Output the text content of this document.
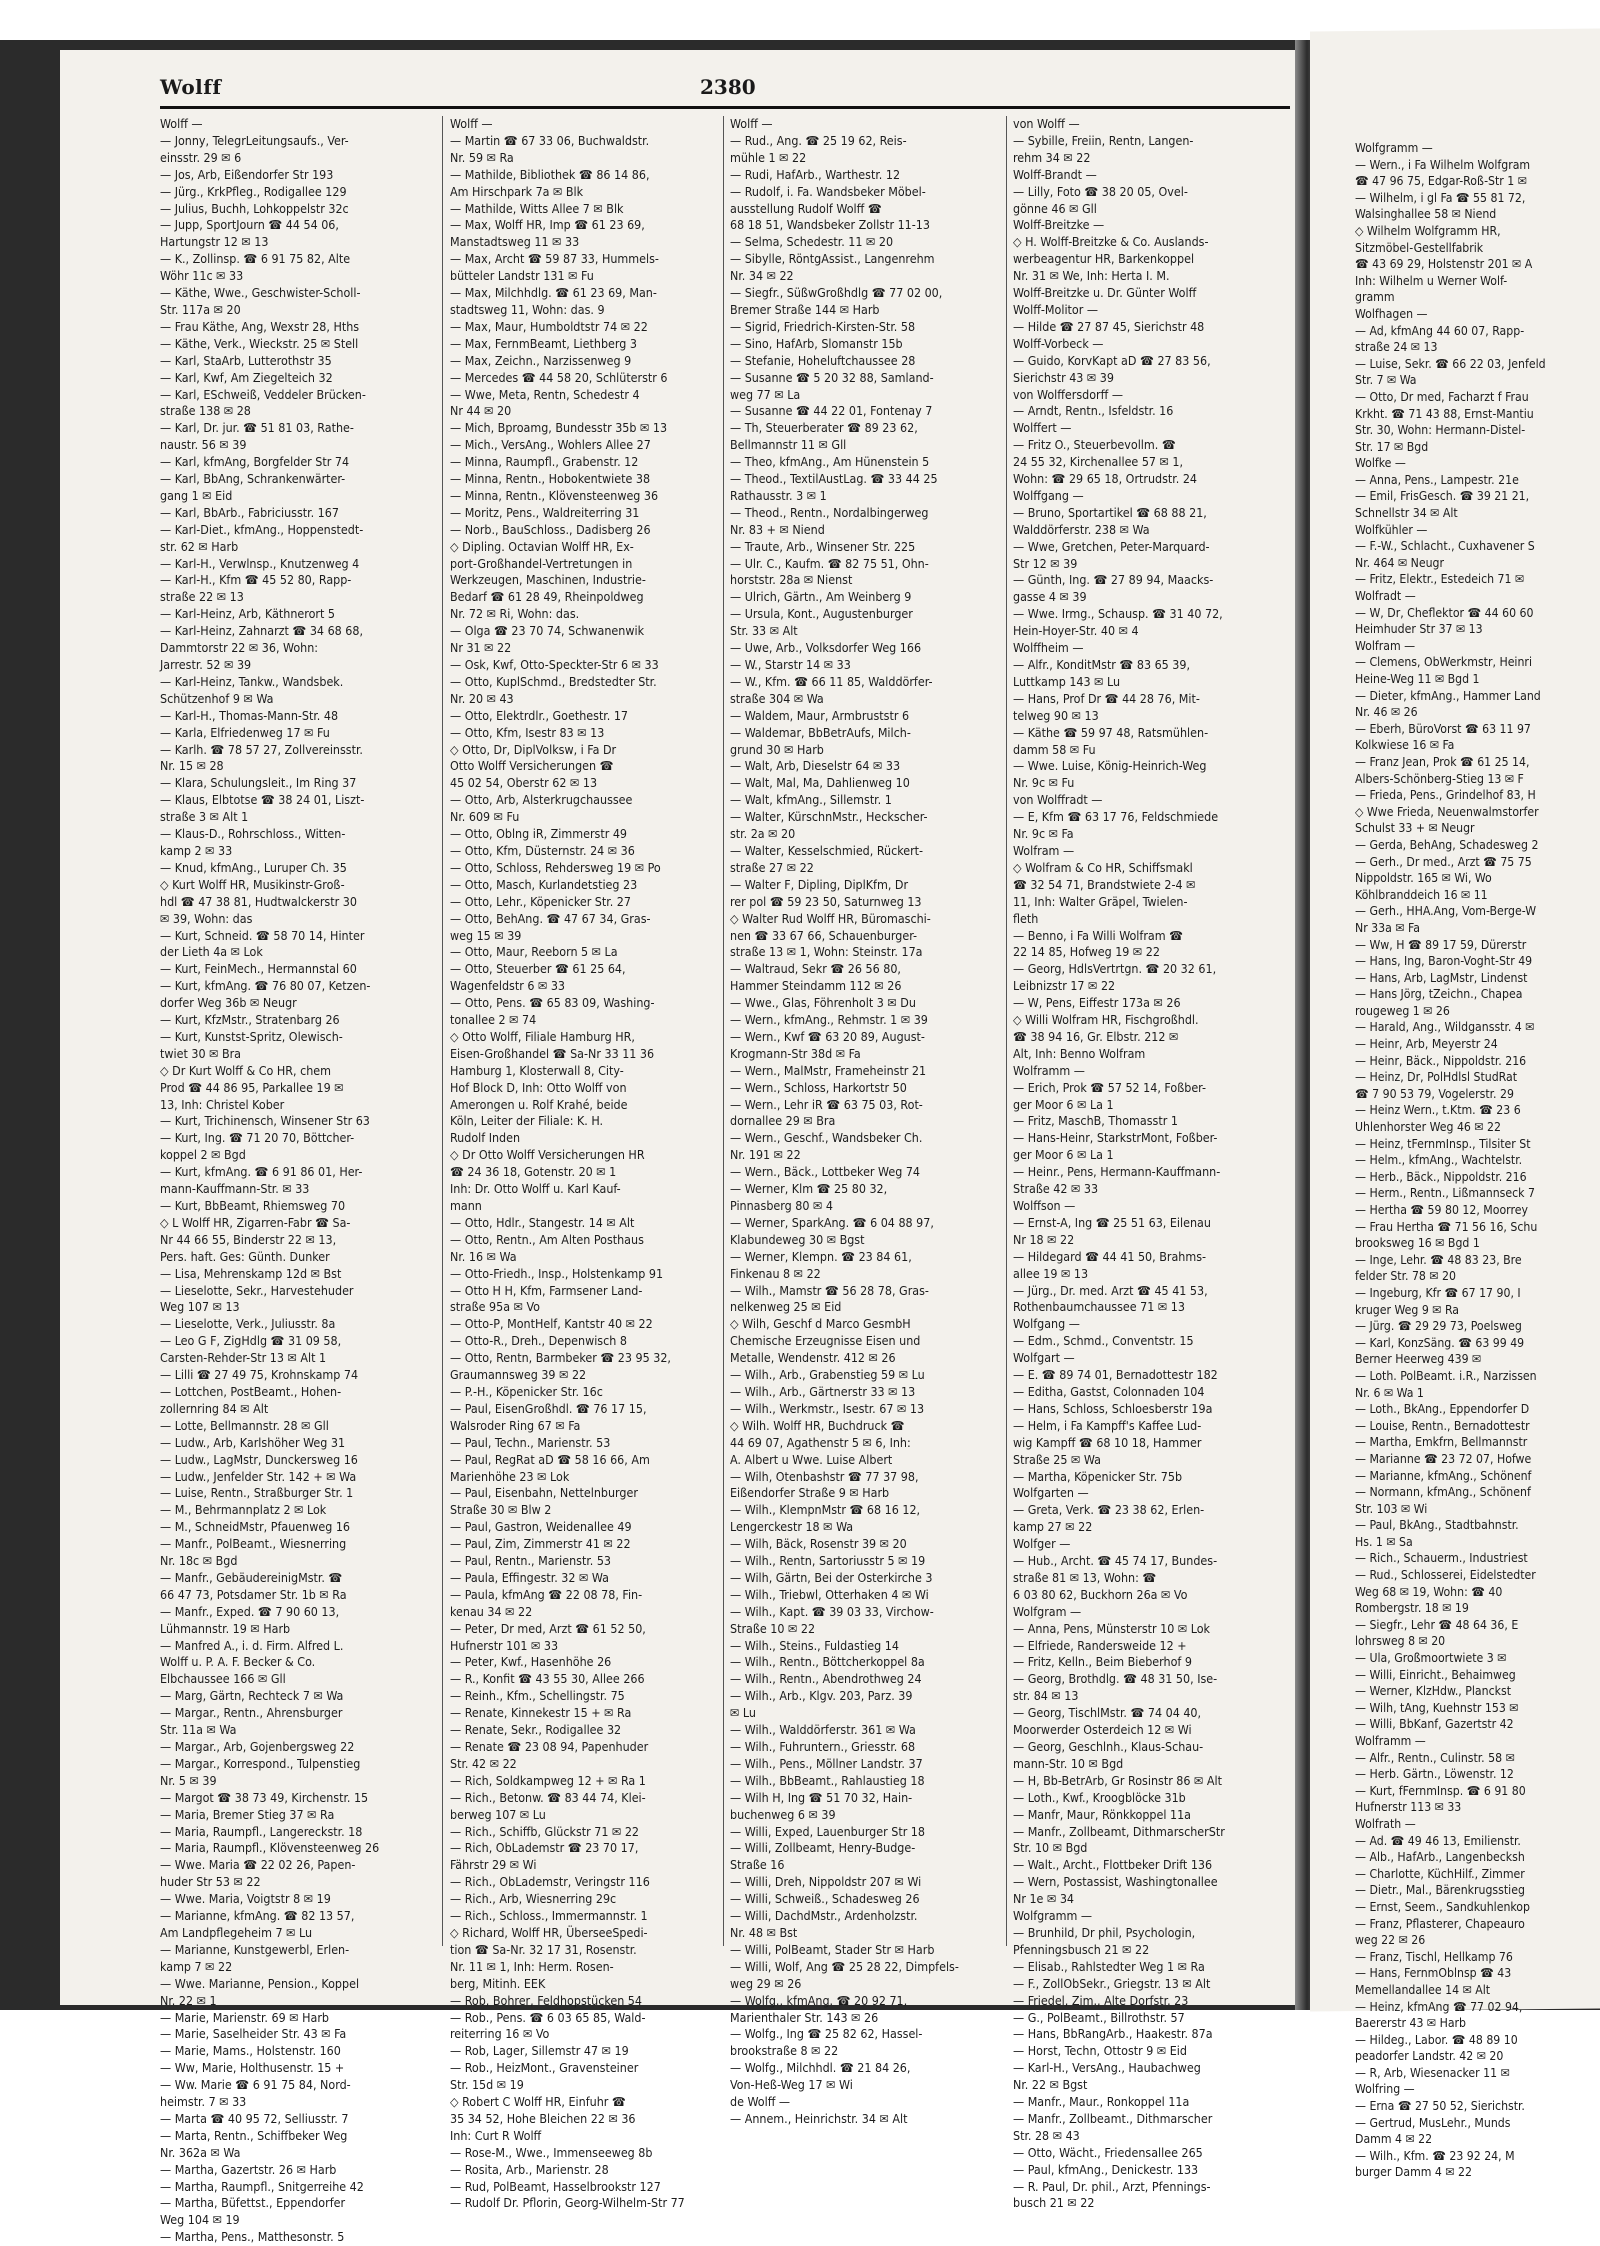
Wolff	2380
Wolff —
— Jonny, TelegrLeitungsaufs., Ver-
einsstr. 29 ✉ 6
— Jos, Arb, Eißendorfer Str 193
— Jürg., KrkPfleg., Rodigallee 129
— Julius, Buchh, Lohkoppelstr 32c
— Jupp, SportJourn ☎ 44 54 06,
Hartungstr 12 ✉ 13
— K., Zollinsp. ☎ 6 91 75 82, Alte
Wöhr 11c ✉ 33
— Käthe, Wwe., Geschwister-Scholl-
Str. 117a ✉ 20
— Frau Käthe, Ang, Wexstr 28, Hths
— Käthe, Verk., Wieckstr. 25 ✉ Stell
— Karl, StaArb, Lutterothstr 35
— Karl, Kwf, Am Ziegelteich 32
— Karl, ESchweiß, Veddeler Brücken-
straße 138 ✉ 28
— Karl, Dr. jur. ☎ 51 81 03, Rathe-
naustr. 56 ✉ 39
— Karl, kfmAng, Borgfelder Str 74
— Karl, BbAng, Schrankenwärter-
gang 1 ✉ Eid
— Karl, BbArb., Fabriciusstr. 167
— Karl-Diet., kfmAng., Hoppenstedt-
str. 62 ✉ Harb
— Karl-H., Verwlnsp., Knutzenweg 4
— Karl-H., Kfm ☎ 45 52 80, Rapp-
straße 22 ✉ 13
— Karl-Heinz, Arb, Käthnerort 5
— Karl-Heinz, Zahnarzt ☎ 34 68 68,
Dammtorstr 22 ✉ 36, Wohn:
Jarrestr. 52 ✉ 39
— Karl-Heinz, Tankw., Wandsbek.
Schützenhof 9 ✉ Wa
— Karl-H., Thomas-Mann-Str. 48
— Karla, Elfriedenweg 17 ✉ Fu
— Karlh. ☎ 78 57 27, Zollvereinsstr.
Nr. 15 ✉ 28
— Klara, Schulungsleit., Im Ring 37
— Klaus, Elbtotse ☎ 38 24 01, Liszt-
straße 3 ✉ Alt 1
— Klaus-D., Rohrschloss., Witten-
kamp 2 ✉ 33
— Knud, kfmAng., Luruper Ch. 35
◇ Kurt Wolff HR, Musikinstr-Groß-
hdl ☎ 47 38 81, Hudtwalckerstr 30
✉ 39, Wohn: das
— Kurt, Schneid. ☎ 58 70 14, Hinter
der Lieth 4a ✉ Lok
— Kurt, FeinMech., Hermannstal 60
— Kurt, kfmAng. ☎ 76 80 07, Ketzen-
dorfer Weg 36b ✉ Neugr
— Kurt, KfzMstr., Stratenbarg 26
— Kurt, Kunstst-Spritz, Olewisch-
twiet 30 ✉ Bra
◇ Dr Kurt Wolff & Co HR, chem
Prod ☎ 44 86 95, Parkallee 19 ✉
13, Inh: Christel Kober
— Kurt, Trichinensch, Winsener Str 63
— Kurt, Ing. ☎ 71 20 70, Böttcher-
koppel 2 ✉ Bgd
— Kurt, kfmAng. ☎ 6 91 86 01, Her-
mann-Kauffmann-Str. ✉ 33
— Kurt, BbBeamt, Rhiemsweg 70
◇ L Wolff HR, Zigarren-Fabr ☎ Sa-
Nr 44 66 55, Binderstr 22 ✉ 13,
Pers. haft. Ges: Günth. Dunker
— Lisa, Mehrenskamp 12d ✉ Bst
— Lieselotte, Sekr., Harvestehuder
Weg 107 ✉ 13
— Lieselotte, Verk., Juliusstr. 8a
— Leo G F, ZigHdlg ☎ 31 09 58,
Carsten-Rehder-Str 13 ✉ Alt 1
— Lilli ☎ 27 49 75, Krohnskamp 74
— Lottchen, PostBeamt., Hohen-
zollernring 84 ✉ Alt
— Lotte, Bellmannstr. 28 ✉ Gll
— Ludw., Arb, Karlshöher Weg 31
— Ludw., LagMstr, Dunckersweg 16
— Ludw., Jenfelder Str. 142 + ✉ Wa
— Luise, Rentn., Straßburger Str. 1
— M., Behrmannplatz 2 ✉ Lok
— M., SchneidMstr, Pfauenweg 16
— Manfr., PolBeamt., Wiesnerring
Nr. 18c ✉ Bgd
— Manfr., GebäudereinigMstr. ☎
66 47 73, Potsdamer Str. 1b ✉ Ra
— Manfr., Exped. ☎ 7 90 60 13,
Lühmannstr. 19 ✉ Harb
— Manfred A., i. d. Firm. Alfred L.
Wolff u. P. A. F. Becker & Co.
Elbchaussee 166 ✉ Gll
— Marg, Gärtn, Rechteck 7 ✉ Wa
— Margar., Rentn., Ahrensburger
Str. 11a ✉ Wa
— Margar., Arb, Gojenbergsweg 22
— Margar., Korrespond., Tulpenstieg
Nr. 5 ✉ 39
— Margot ☎ 38 73 49, Kirchenstr. 15
— Maria, Bremer Stieg 37 ✉ Ra
— Maria, Raumpfl., Langereckstr. 18
— Maria, Raumpfl., Klövensteenweg 26
— Wwe. Maria ☎ 22 02 26, Papen-
huder Str 53 ✉ 22
— Wwe. Maria, Voigtstr 8 ✉ 19
— Marianne, kfmAng. ☎ 82 13 57,
Am Landpflegeheim 7 ✉ Lu
— Marianne, Kunstgewerbl, Erlen-
kamp 7 ✉ 22
— Wwe. Marianne, Pension., Koppel
Nr. 22 ✉ 1
— Marie, Marienstr. 69 ✉ Harb
— Marie, Saselheider Str. 43 ✉ Fa
— Marie, Mams., Holstenstr. 160
— Ww, Marie, Holthusenstr. 15 +
— Ww. Marie ☎ 6 91 75 84, Nord-
heimstr. 7 ✉ 33
— Marta ☎ 40 95 72, Selliusstr. 7
— Marta, Rentn., Schiffbeker Weg
Nr. 362a ✉ Wa
— Martha, Gazertstr. 26 ✉ Harb
— Martha, Raumpfl., Snitgerreihe 42
— Martha, Büfettst., Eppendorfer
Weg 104 ✉ 19
— Martha, Pens., Matthesonstr. 5
Wolff —
— Martin ☎ 67 33 06, Buchwaldstr.
Nr. 59 ✉ Ra
— Mathilde, Bibliothek ☎ 86 14 86,
Am Hirschpark 7a ✉ Blk
— Mathilde, Witts Allee 7 ✉ Blk
— Max, Wolff HR, Imp ☎ 61 23 69,
Manstadtsweg 11 ✉ 33
— Max, Archt ☎ 59 87 33, Hummels-
bütteler Landstr 131 ✉ Fu
— Max, Milchhdlg. ☎ 61 23 69, Man-
stadtsweg 11, Wohn: das. 9
— Max, Maur, Humboldtstr 74 ✉ 22
— Max, FernmBeamt, Liethberg 3
— Max, Zeichn., Narzissenweg 9
— Mercedes ☎ 44 58 20, Schlüterstr 6
— Wwe, Meta, Rentn, Schedestr 4
Nr 44 ✉ 20
— Mich, Bproamg, Bundesstr 35b ✉ 13
— Mich., VersAng., Wohlers Allee 27
— Minna, Raumpfl., Grabenstr. 12
— Minna, Rentn., Hobokentwiete 38
— Minna, Rentn., Klövensteenweg 36
— Moritz, Pens., Waldreiterring 31
— Norb., BauSchloss., Dadisberg 26
◇ Dipling. Octavian Wolff HR, Ex-
port-Großhandel-Vertretungen in
Werkzeugen, Maschinen, Industrie-
Bedarf ☎ 61 28 49, Rheinpoldweg
Nr. 72 ✉ Ri, Wohn: das.
— Olga ☎ 23 70 74, Schwanenwik
Nr 31 ✉ 22
— Osk, Kwf, Otto-Speckter-Str 6 ✉ 33
— Otto, KuplSchmd., Bredstedter Str.
Nr. 20 ✉ 43
— Otto, Elektrdlr., Goethestr. 17
— Otto, Kfm, Isestr 83 ✉ 13
◇ Otto, Dr, DiplVolksw, i Fa Dr
Otto Wolff Versicherungen ☎
45 02 54, Oberstr 62 ✉ 13
— Otto, Arb, Alsterkrugchaussee
Nr. 609 ✉ Fu
— Otto, Oblng iR, Zimmerstr 49
— Otto, Kfm, Düsternstr. 24 ✉ 36
— Otto, Schloss, Rehdersweg 19 ✉ Po
— Otto, Masch, Kurlandetstieg 23
— Otto, Lehr., Köpenicker Str. 27
— Otto, BehAng. ☎ 47 67 34, Gras-
weg 15 ✉ 39
— Otto, Maur, Reeborn 5 ✉ La
— Otto, Steuerber ☎ 61 25 64,
Wagenfeldstr 6 ✉ 33
— Otto, Pens. ☎ 65 83 09, Washing-
tonallee 2 ✉ 74
◇ Otto Wolff, Filiale Hamburg HR,
Eisen-Großhandel ☎ Sa-Nr 33 11 36
Hamburg 1, Klosterwall 8, City-
Hof Block D, Inh: Otto Wolff von
Amerongen u. Rolf Krahé, beide
Köln, Leiter der Filiale: K. H.
Rudolf Inden
◇ Dr Otto Wolff Versicherungen HR
☎ 24 36 18, Gotenstr. 20 ✉ 1
Inh: Dr. Otto Wolff u. Karl Kauf-
mann
— Otto, Hdlr., Stangestr. 14 ✉ Alt
— Otto, Rentn., Am Alten Posthaus
Nr. 16 ✉ Wa
— Otto-Friedh., Insp., Holstenkamp 91
— Otto H H, Kfm, Farmsener Land-
straße 95a ✉ Vo
— Otto-P, MontHelf, Kantstr 40 ✉ 22
— Otto-R., Dreh., Depenwisch 8
— Otto, Rentn, Barmbeker ☎ 23 95 32,
Graumannsweg 39 ✉ 22
— P.-H., Köpenicker Str. 16c
— Paul, EisenGroßhdl. ☎ 76 17 15,
Walsroder Ring 67 ✉ Fa
— Paul, Techn., Marienstr. 53
— Paul, RegRat aD ☎ 58 16 66, Am
Marienhöhe 23 ✉ Lok
— Paul, Eisenbahn, Nettelnburger
Straße 30 ✉ Blw 2
— Paul, Gastron, Weidenallee 49
— Paul, Zim, Zimmerstr 41 ✉ 22
— Paul, Rentn., Marienstr. 53
— Paula, Effingestr. 32 ✉ Wa
— Paula, kfmAng ☎ 22 08 78, Fin-
kenau 34 ✉ 22
— Peter, Dr med, Arzt ☎ 61 52 50,
Hufnerstr 101 ✉ 33
— Peter, Kwf., Hasenhöhe 26
— R., Konfit ☎ 43 55 30, Allee 266
— Reinh., Kfm., Schellingstr. 75
— Renate, Kinnekestr 15 + ✉ Ra
— Renate, Sekr., Rodigallee 32
— Renate ☎ 23 08 94, Papenhuder
Str. 42 ✉ 22
— Rich, Soldkampweg 12 + ✉ Ra 1
— Rich., Betonw. ☎ 83 44 74, Klei-
berweg 107 ✉ Lu
— Rich., Schiffb, Glückstr 71 ✉ 22
— Rich, ObLademstr ☎ 23 70 17,
Fährstr 29 ✉ Wi
— Rich., ObLademstr, Veringstr 116
— Rich., Arb, Wiesnerring 29c
— Rich., Schloss., Immermannstr. 1
◇ Richard, Wolff HR, ÜberseeSpedi-
tion ☎ Sa-Nr. 32 17 31, Rosenstr.
Nr. 11 ✉ 1, Inh: Herm. Rosen-
berg, Mitinh. EEK
— Rob, Bohrer, Feldhopstücken 54
— Rob., Pens. ☎ 6 03 65 85, Wald-
reiterring 16 ✉ Vo
— Rob, Lager, Sillemstr 47 ✉ 19
— Rob., HeizMont., Gravensteiner
Str. 15d ✉ 19
◇ Robert C Wolff HR, Einfuhr ☎
35 34 52, Hohe Bleichen 22 ✉ 36
Inh: Curt R Wolff
— Rose-M., Wwe., Immenseeweg 8b
— Rosita, Arb., Marienstr. 28
— Rud, PolBeamt, Hasselbrookstr 127
— Rudolf Dr. Pflorin, Georg-Wilhelm-Str 77
Wolff —
— Rud., Ang. ☎ 25 19 62, Reis-
mühle 1 ✉ 22
— Rudi, HafArb., Warthestr. 12
— Rudolf, i. Fa. Wandsbeker Möbel-
ausstellung Rudolf Wolff ☎
68 18 51, Wandsbeker Zollstr 11-13
— Selma, Schedestr. 11 ✉ 20
— Sibylle, RöntgAssist., Langenrehm
Nr. 34 ✉ 22
— Siegfr., SüßwGroßhdlg ☎ 77 02 00,
Bremer Straße 144 ✉ Harb
— Sigrid, Friedrich-Kirsten-Str. 58
— Sino, HafArb, Slomanstr 15b
— Stefanie, Hoheluftchaussee 28
— Susanne ☎ 5 20 32 88, Samland-
weg 77 ✉ La
— Susanne ☎ 44 22 01, Fontenay 7
— Th, Steuerberater ☎ 89 23 62,
Bellmannstr 11 ✉ Gll
— Theo, kfmAng., Am Hünenstein 5
— Theod., TextilAustLag. ☎ 33 44 25
Rathausstr. 3 ✉ 1
— Theod., Rentn., Nordalbingerweg
Nr. 83 + ✉ Niend
— Traute, Arb., Winsener Str. 225
— Ulr. C., Kaufm. ☎ 82 75 51, Ohn-
horststr. 28a ✉ Nienst
— Ulrich, Gärtn., Am Weinberg 9
— Ursula, Kont., Augustenburger
Str. 33 ✉ Alt
— Uwe, Arb., Volksdorfer Weg 166
— W., Starstr 14 ✉ 33
— W., Kfm. ☎ 66 11 85, Walddörfer-
straße 304 ✉ Wa
— Waldem, Maur, Armbruststr 6
— Waldemar, BbBetrAufs, Milch-
grund 30 ✉ Harb
— Walt, Arb, Dieselstr 64 ✉ 33
— Walt, Mal, Ma, Dahlienweg 10
— Walt, kfmAng., Sillemstr. 1
— Walter, KürschnMstr., Heckscher-
str. 2a ✉ 20
— Walter, Kesselschmied, Rückert-
straße 27 ✉ 22
— Walter F, Dipling, DiplKfm, Dr
rer pol ☎ 59 23 50, Saturnweg 13
◇ Walter Rud Wolff HR, Büromaschi-
nen ☎ 33 67 66, Schauenburger-
straße 13 ✉ 1, Wohn: Steinstr. 17a
— Waltraud, Sekr ☎ 26 56 80,
Hammer Steindamm 112 ✉ 26
— Wwe., Glas, Föhrenholt 3 ✉ Du
— Wern., kfmAng., Rehmstr. 1 ✉ 39
— Wern., Kwf ☎ 63 20 89, August-
Krogmann-Str 38d ✉ Fa
— Wern., MalMstr, Frameheinstr 21
— Wern., Schloss, Harkortstr 50
— Wern., Lehr iR ☎ 63 75 03, Rot-
dornallee 29 ✉ Bra
— Wern., Geschf., Wandsbeker Ch.
Nr. 191 ✉ 22
— Wern., Bäck., Lottbeker Weg 74
— Werner, Klm ☎ 25 80 32,
Pinnasberg 80 ✉ 4
— Werner, SparkAng. ☎ 6 04 88 97,
Klabundeweg 30 ✉ Bgst
— Werner, Klempn. ☎ 23 84 61,
Finkenau 8 ✉ 22
— Wilh., Mamstr ☎ 56 28 78, Gras-
nelkenweg 25 ✉ Eid
◇ Wilh, Geschf d Marco GesmbH
Chemische Erzeugnisse Eisen und
Metalle, Wendenstr. 412 ✉ 26
— Wilh., Arb., Grabenstieg 59 ✉ Lu
— Wilh., Arb., Gärtnerstr 33 ✉ 13
— Wilh., Werkmstr., Isestr. 67 ✉ 13
◇ Wilh. Wolff HR, Buchdruck ☎
44 69 07, Agathenstr 5 ✉ 6, Inh:
A. Albert u Wwe. Luise Albert
— Wilh, Otenbashstr ☎ 77 37 98,
Eißendorfer Straße 9 ✉ Harb
— Wilh., KlempnMstr ☎ 68 16 12,
Lengerckestr 18 ✉ Wa
— Wilh, Bäck, Rosenstr 39 ✉ 20
— Wilh., Rentn, Sartoriusstr 5 ✉ 19
— Wilh, Gärtn, Bei der Osterkirche 3
— Wilh., Triebwl, Otterhaken 4 ✉ Wi
— Wilh., Kapt. ☎ 39 03 33, Virchow-
Straße 10 ✉ 22
— Wilh., Steins., Fuldastieg 14
— Wilh., Rentn., Böttcherkoppel 8a
— Wilh., Rentn., Abendrothweg 24
— Wilh., Arb., Klgv. 203, Parz. 39
✉ Lu
— Wilh., Walddörferstr. 361 ✉ Wa
— Wilh., Fuhruntern., Griesstr. 68
— Wilh., Pens., Möllner Landstr. 37
— Wilh., BbBeamt., Rahlaustieg 18
— Wilh H, Ing ☎ 51 70 32, Hain-
buchenweg 6 ✉ 39
— Willi, Exped, Lauenburger Str 18
— Willi, Zollbeamt, Henry-Budge-
Straße 16
— Willi, Dreh, Nippoldstr 207 ✉ Wi
— Willi, Schweiß., Schadesweg 26
— Willi, DachdMstr., Ardenholzstr.
Nr. 48 ✉ Bst
— Willi, PolBeamt, Stader Str ✉ Harb
— Willi, Wolf, Ang ☎ 25 28 22, Dimpfels-
weg 29 ✉ 26
— Wolfg., kfmAng. ☎ 20 92 71,
Marienthaler Str. 143 ✉ 26
— Wolfg., Ing ☎ 25 82 62, Hassel-
brookstraße 8 ✉ 22
— Wolfg., Milchhdl. ☎ 21 84 26,
Von-Heß-Weg 17 ✉ Wi
de Wolff —
— Annem., Heinrichstr. 34 ✉ Alt
von Wolff —
— Sybille, Freiin, Rentn, Langen-
rehm 34 ✉ 22
Wolff-Brandt —
— Lilly, Foto ☎ 38 20 05, Ovel-
gönne 46 ✉ Gll
Wolff-Breitzke —
◇ H. Wolff-Breitzke & Co. Auslands-
werbeagentur HR, Barkenkoppel
Nr. 31 ✉ We, Inh: Herta I. M.
Wolff-Breitzke u. Dr. Günter Wolff
Wolff-Molitor —
— Hilde ☎ 27 87 45, Sierichstr 48
Wolff-Vorbeck —
— Guido, KorvKapt aD ☎ 27 83 56,
Sierichstr 43 ✉ 39
von Wolffersdorff —
— Arndt, Rentn., Isfeldstr. 16
Wolffert —
— Fritz O., Steuerbevollm. ☎
24 55 32, Kirchenallee 57 ✉ 1,
Wohn: ☎ 29 65 18, Ortrudstr. 24
Wolffgang —
— Bruno, Sportartikel ☎ 68 88 21,
Walddörferstr. 238 ✉ Wa
— Wwe, Gretchen, Peter-Marquard-
Str 12 ✉ 39
— Günth, Ing. ☎ 27 89 94, Maacks-
gasse 4 ✉ 39
— Wwe. Irmg., Schausp. ☎ 31 40 72,
Hein-Hoyer-Str. 40 ✉ 4
Wolffheim —
— Alfr., KonditMstr ☎ 83 65 39,
Luttkamp 143 ✉ Lu
— Hans, Prof Dr ☎ 44 28 76, Mit-
telweg 90 ✉ 13
— Käthe ☎ 59 97 48, Ratsmühlen-
damm 58 ✉ Fu
— Wwe. Luise, König-Heinrich-Weg
Nr. 9c ✉ Fu
von Wolffradt —
— E, Kfm ☎ 63 17 76, Feldschmiede
Nr. 9c ✉ Fa
Wolfram —
◇ Wolfram & Co HR, Schiffsmakl
☎ 32 54 71, Brandstwiete 2-4 ✉
11, Inh: Walter Gräpel, Twielen-
fleth
— Benno, i Fa Willi Wolfram ☎
22 14 85, Hofweg 19 ✉ 22
— Georg, HdlsVertrtgn. ☎ 20 32 61,
Leibnizstr 17 ✉ 22
— W, Pens, Eiffestr 173a ✉ 26
◇ Willi Wolfram HR, Fischgroßhdl.
☎ 38 94 16, Gr. Elbstr. 212 ✉
Alt, Inh: Benno Wolfram
Wolframm —
— Erich, Prok ☎ 57 52 14, Foßber-
ger Moor 6 ✉ La 1
— Fritz, MaschB, Thomasstr 1
— Hans-Heinr, StarkstrMont, Foßber-
ger Moor 6 ✉ La 1
— Heinr., Pens, Hermann-Kauffmann-
Straße 42 ✉ 33
Wolffson —
— Ernst-A, Ing ☎ 25 51 63, Eilenau
Nr 18 ✉ 22
— Hildegard ☎ 44 41 50, Brahms-
allee 19 ✉ 13
— Jürg., Dr. med. Arzt ☎ 45 41 53,
Rothenbaumchaussee 71 ✉ 13
Wolfgang —
— Edm., Schmd., Conventstr. 15
Wolfgart —
— E. ☎ 89 74 01, Bernadottestr 182
— Editha, Gastst, Colonnaden 104
— Hans, Schloss, Schloesberstr 19a
— Helm, i Fa Kampff's Kaffee Lud-
wig Kampff ☎ 68 10 18, Hammer
Straße 25 ✉ Wa
— Martha, Köpenicker Str. 75b
Wolfgarten —
— Greta, Verk. ☎ 23 38 62, Erlen-
kamp 27 ✉ 22
Wolfger —
— Hub., Archt. ☎ 45 74 17, Bundes-
straße 81 ✉ 13, Wohn: ☎
6 03 80 62, Buckhorn 26a ✉ Vo
Wolfgram —
— Anna, Pens, Münsterstr 10 ✉ Lok
— Elfriede, Randersweide 12 +
— Fritz, Kelln., Beim Bieberhof 9
— Georg, Brothdlg. ☎ 48 31 50, Ise-
str. 84 ✉ 13
— Georg, TischlMstr. ☎ 74 04 40,
Moorwerder Osterdeich 12 ✉ Wi
— Georg, Geschlnh., Klaus-Schau-
mann-Str. 10 ✉ Bgd
— H, Bb-BetrArb, Gr Rosinstr 86 ✉ Alt
— Loth., Kwf., Kroogblöcke 31b
— Manfr, Maur, Rönkkoppel 11a
— Manfr., Zollbeamt, DithmarscherStr
Str. 10 ✉ Bgd
— Walt., Archt., Flottbeker Drift 136
— Wern, Postassist, Washingtonallee
Nr 1e ✉ 34
Wolfgramm —
— Brunhild, Dr phil, Psychologin,
Pfenningsbusch 21 ✉ 22
— Elisab., Rahlstedter Weg 1 ✉ Ra
— F., ZollObSekr., Griegstr. 13 ✉ Alt
— Friedel, Zim., Alte Dorfstr. 23
— G., PolBeamt., Billrothstr. 57
— Hans, BbRangArb., Haakestr. 87a
— Horst, Techn, Ottostr 9 ✉ Eid
— Karl-H., VersAng., Haubachweg
Nr. 22 ✉ Bgst
— Manfr., Maur., Ronkoppel 11a
— Manfr., Zollbeamt., Dithmarscher
Str. 28 ✉ 43
— Otto, Wächt., Friedensallee 265
— Paul, kfmAng., Denickestr. 133
— R. Paul, Dr. phil., Arzt, Pfennings-
busch 21 ✉ 22
Wolfgramm —
— Wern., i Fa Wilhelm Wolfgram
☎ 47 96 75, Edgar-Roß-Str 1 ✉
— Wilhelm, i gl Fa ☎ 55 81 72,
Walsinghallee 58 ✉ Niend
◇ Wilhelm Wolfgramm HR,
Sitzmöbel-Gestellfabrik
☎ 43 69 29, Holstenstr 201 ✉ A
Inh: Wilhelm u Werner Wolf-
gramm
Wolfhagen —
— Ad, kfmAng 44 60 07, Rapp-
straße 24 ✉ 13
— Luise, Sekr. ☎ 66 22 03, Jenfeld
Str. 7 ✉ Wa
— Otto, Dr med, Facharzt f Frau
Krkht. ☎ 71 43 88, Ernst-Mantiu
Str. 30, Wohn: Hermann-Distel-
Str. 17 ✉ Bgd
Wolfke —
— Anna, Pens., Lampestr. 21e
— Emil, FrisGesch. ☎ 39 21 21,
Schnellstr 34 ✉ Alt
Wolfkühler —
— F.-W., Schlacht., Cuxhavener S
Nr. 464 ✉ Neugr
— Fritz, Elektr., Estedeich 71 ✉
Wolfradt —
— W, Dr, Cheflektor ☎ 44 60 60
Heimhuder Str 37 ✉ 13
Wolfram —
— Clemens, ObWerkmstr, Heinri
Heine-Weg 11 ✉ Bgd 1
— Dieter, kfmAng., Hammer Land
Nr. 46 ✉ 26
— Eberh, BüroVorst ☎ 63 11 97
Kolkwiese 16 ✉ Fa
— Franz Jean, Prok ☎ 61 25 14,
Albers-Schönberg-Stieg 13 ✉ F
— Frieda, Pens., Grindelhof 83, H
◇ Wwe Frieda, Neuenwalmstorfer
Schulst 33 + ✉ Neugr
— Gerda, BehAng, Schadesweg 2
— Gerh., Dr med., Arzt ☎ 75 75
Nippoldstr. 165 ✉ Wi, Wo
Köhlbranddeich 16 ✉ 11
— Gerh., HHA.Ang, Vom-Berge-W
Nr 33a ✉ Fa
— Ww, H ☎ 89 17 59, Dürerstr
— Hans, Ing, Baron-Voght-Str 49
— Hans, Arb, LagMstr, Lindenst
— Hans Jörg, tZeichn., Chapea
rougeweg 1 ✉ 26
— Harald, Ang., Wildgansstr. 4 ✉
— Heinr, Arb, Meyerstr 24
— Heinr, Bäck., Nippoldstr. 216
— Heinz, Dr, PolHdlsl StudRat
☎ 7 90 53 79, Vogelerstr. 29
— Heinz Wern., t.Ktm. ☎ 23 6
Uhlenhorster Weg 46 ✉ 22
— Heinz, tFernmInsp., Tilsiter St
— Helm., kfmAng., Wachtelstr.
— Herb., Bäck., Nippoldstr. 216
— Herm., Rentn., Lißmannseck 7
— Hertha ☎ 59 80 12, Moorrey
— Frau Hertha ☎ 71 56 16, Schu
brooksweg 16 ✉ Bgd 1
— Inge, Lehr. ☎ 48 83 23, Bre
felder Str. 78 ✉ 20
— Ingeburg, Kfr ☎ 67 17 90, I
kruger Weg 9 ✉ Ra
— Jürg. ☎ 29 29 73, Poelsweg
— Karl, KonzSäng. ☎ 63 99 49
Berner Heerweg 439 ✉
— Loth. PolBeamt. i.R., Narzissen
Nr. 6 ✉ Wa 1
— Loth., BkAng., Eppendorfer D
— Louise, Rentn., Bernadottestr
— Martha, Emkfrn, Bellmannstr
— Marianne ☎ 23 72 07, Hofwe
— Marianne, kfmAng., Schönenf
— Normann, kfmAng., Schönenf
Str. 103 ✉ Wi
— Paul, BkAng., Stadtbahnstr.
Hs. 1 ✉ Sa
— Rich., Schauerm., Industriest
— Rud., Schlosserei, Eidelstedter
Weg 68 ✉ 19, Wohn: ☎ 40
Rombergstr. 18 ✉ 19
— Siegfr., Lehr ☎ 48 64 36, E
lohrsweg 8 ✉ 20
— Ula, Großmoortwiete 3 ✉
— Willi, Einricht., Behaimweg
— Werner, KlzHdw., Planckst
— Wilh, tAng, Kuehnstr 153 ✉
— Willi, BbKanf, Gazertstr 42
Wolframm —
— Alfr., Rentn., Culinstr. 58 ✉
— Herb. Gärtn., Löwenstr. 12
— Kurt, fFernmInsp. ☎ 6 91 80
Hufnerstr 113 ✉ 33
Wolfrath —
— Ad. ☎ 49 46 13, Emilienstr.
— Alb., HafArb., Langenbecksh
— Charlotte, KüchHilf., Zimmer
— Dietr., Mal., Bärenkrugsstieg
— Ernst, Seem., Sandkuhlenkop
— Franz, Pflasterer, Chapeauro
weg 22 ✉ 26
— Franz, Tischl, Hellkamp 76
— Hans, FernmOblnsp ☎ 43
Memellandallee 14 ✉ Alt
— Heinz, kfmAng ☎ 77 02 94,
Baererstr 43 ✉ Harb
— Hildeg., Labor. ☎ 48 89 10
peadorfer Landstr. 42 ✉ 20
— R, Arb, Wiesenacker 11 ✉
Wolfring —
— Erna ☎ 27 50 52, Sierichstr.
— Gertrud, MusLehr., Munds
Damm 4 ✉ 22
— Wilh., Kfm. ☎ 23 92 24, M
burger Damm 4 ✉ 22
